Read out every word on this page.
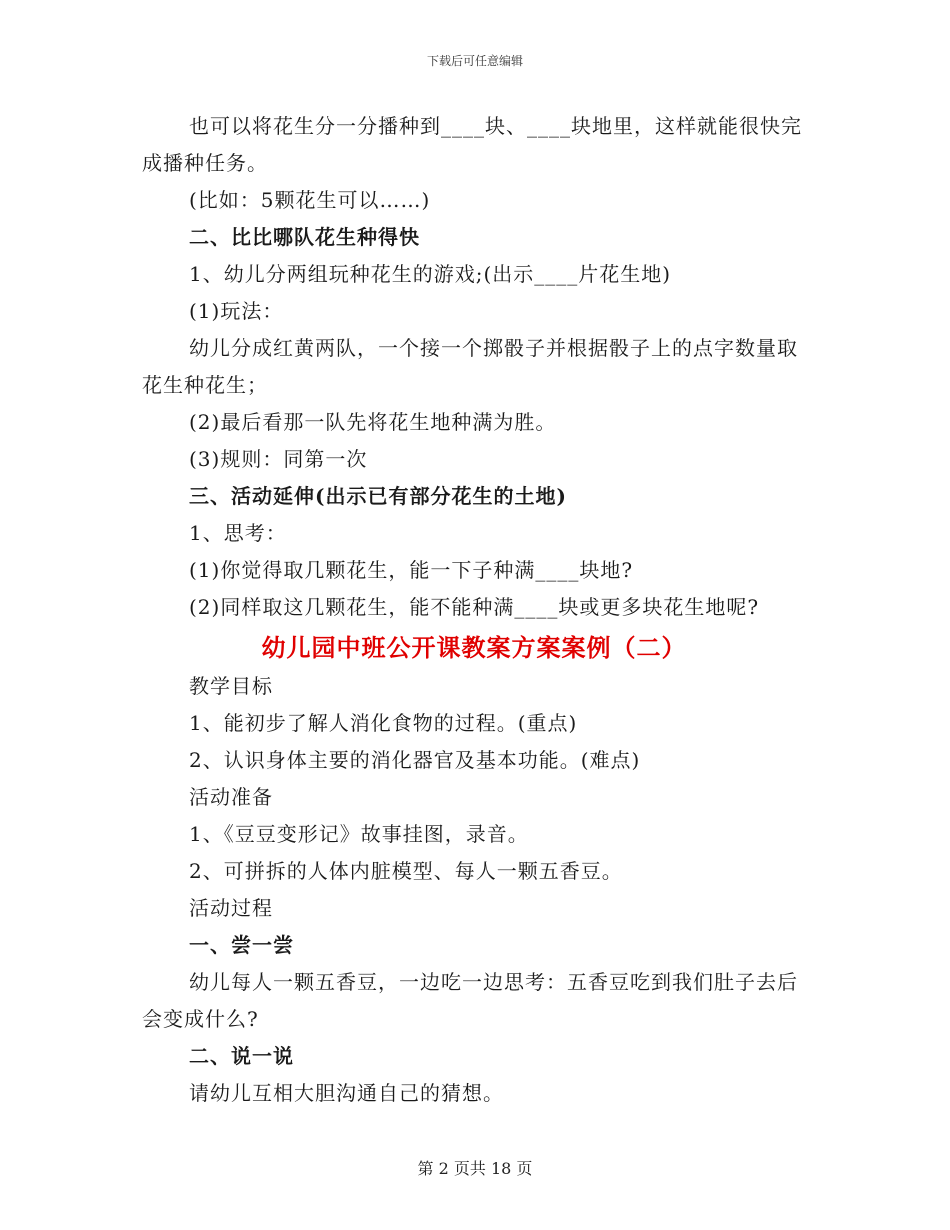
下载后可任意编辑

也可以将花生分一分播种到____块、____块地里，这样就能很快完成播种任务。

(比如：5颗花生可以……)

二、比比哪队花生种得快

1、幼儿分两组玩种花生的游戏;(出示____片花生地)

(1)玩法：

幼儿分成红黄两队，一个接一个掷骰子并根据骰子上的点字数量取花生种花生；

(2)最后看那一队先将花生地种满为胜。

(3)规则：同第一次

三、活动延伸(出示已有部分花生的土地)

1、思考：

(1)你觉得取几颗花生，能一下子种满____块地?

(2)同样取这几颗花生，能不能种满____块或更多块花生地呢?

幼儿园中班公开课教案方案案例（二）

教学目标

1、能初步了解人消化食物的过程。(重点)

2、认识身体主要的消化器官及基本功能。(难点)

活动准备

1、《豆豆变形记》故事挂图，录音。

2、可拼拆的人体内脏模型、每人一颗五香豆。

活动过程

一、尝一尝

幼儿每人一颗五香豆，一边吃一边思考：五香豆吃到我们肚子去后会变成什么?

二、说一说

请幼儿互相大胆沟通自己的猜想。

第 2 页共 18 页
